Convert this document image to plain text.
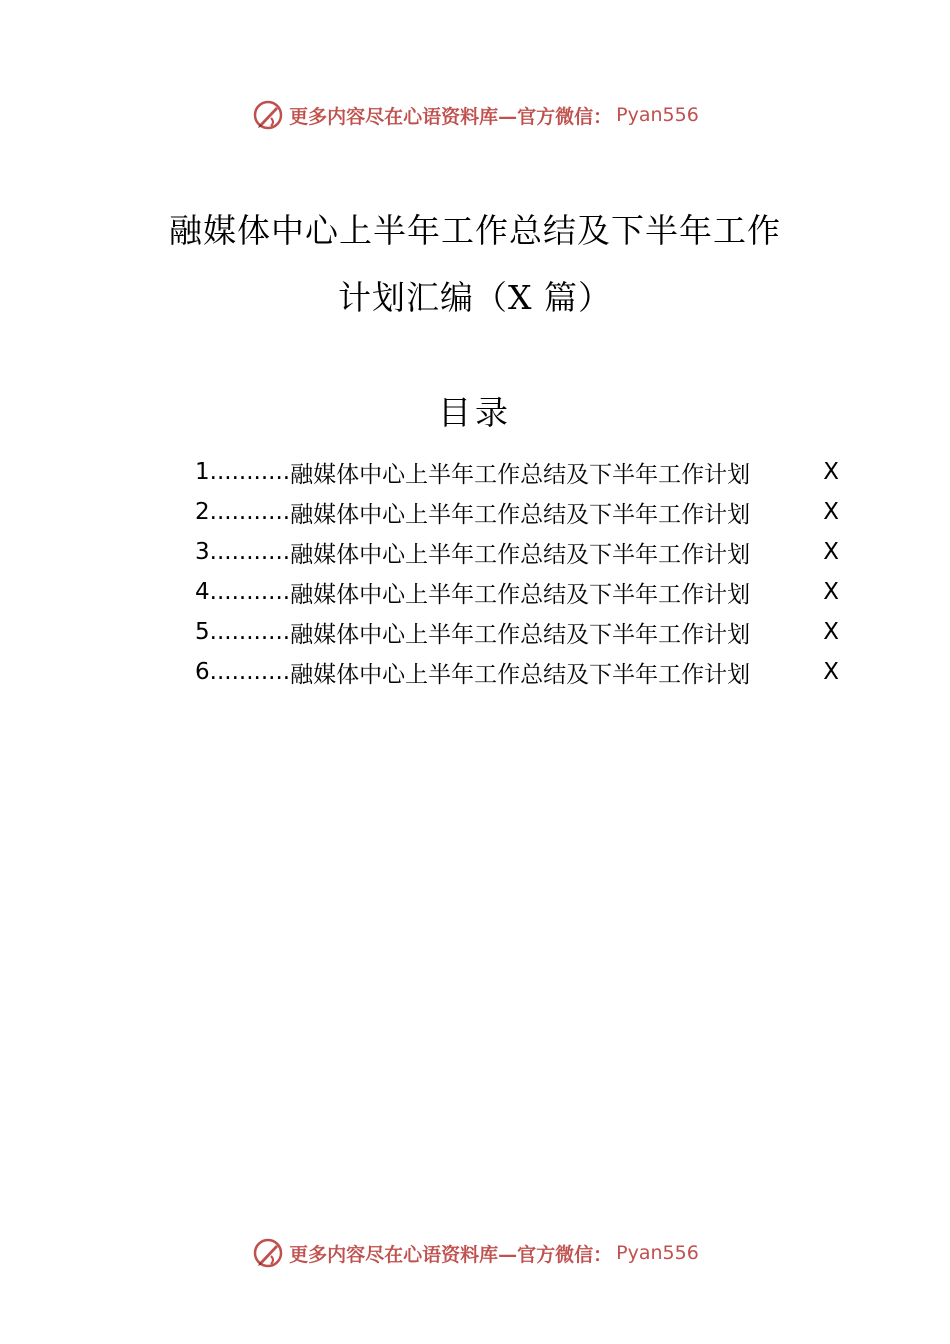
更多内容尽在心语资料库—官方微信： Pyan556
融媒体中心上半年工作总结及下半年工作
计划汇编（X 篇）
目录
1 ........... 融媒体中心上半年工作总结及下半年工作计划	X
2 ........... 融媒体中心上半年工作总结及下半年工作计划	X
3 ........... 融媒体中心上半年工作总结及下半年工作计划	X
4 ........... 融媒体中心上半年工作总结及下半年工作计划	X
5 ........... 融媒体中心上半年工作总结及下半年工作计划	X
6 ........... 融媒体中心上半年工作总结及下半年工作计划	X
更多内容尽在心语资料库—官方微信： Pyan556
